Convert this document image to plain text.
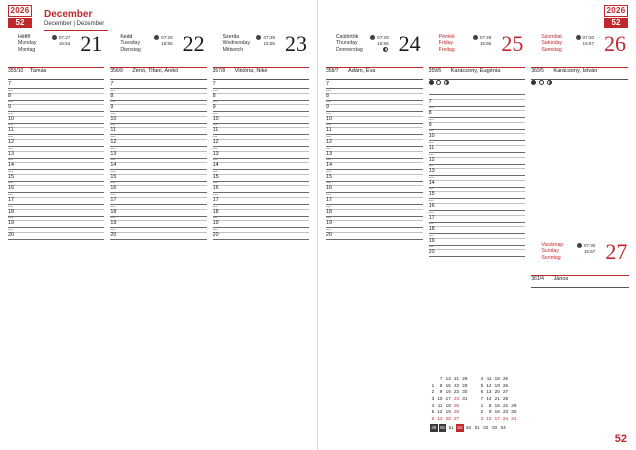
2026
52
December
December | Dezember
Hétfő
Monday
Montag
07:27
15:54 21
355/10 Tamás
7
—
8
—
9
—
10
—
11
—
12
—
13
—
14
—
15
—
16
—
17
—
18
—
19
—
20
Kedd
Tuesday
Dienstag
07:28
15:55 22
356/9 Zénó, Tifani, Anikó
7
—
8
—
9
—
10
—
11
—
12
—
13
—
14
—
15
—
16
—
17
—
18
—
19
—
20
Szerda
Wednesday
Mittwoch
07:29
15:55 23
357/8 Viktória, Niké
7
—
8
—
9
—
10
—
11
—
12
—
13
—
14
—
15
—
16
—
17
—
18
—
19
—
20
2026
52
Csütörtök
Thursday
Donnerstag
07:29
15:56 24
358/7 Ádám, Éva
7
—
8
—
9
—
10
—
11
—
12
—
13
—
14
—
15
—
16
—
17
—
18
—
19
—
20
Péntek
Friday
Freitag
07:29
15:56 25
359/6 Karácsony, Eugénia

7
—
8
—
9
—
10
—
11
—
12
—
13
—
14
—
15
—
16
—
17
—
18
—
19
—
20
Szombat
Saturday
Samstag
07:30
15:57 26
360/5 Karácsony, István

Vasárnap
Sunday
Sonntag
07:30
15:57 27
361/4 János
	7	14	21	28		4	11	18	25	
1	8	15	22	29		5	12	19	26	
2	9	16	23	30		6	13	20	27	
3	10	17	24	31		7	14	21	28	
4	11	18	25			1	8	15	22	29
5	12	19	26			2	9	16	23	30
6	13	20	27			3	10	17	24	31
49 50 51 52 53 01 02 03 04
52
